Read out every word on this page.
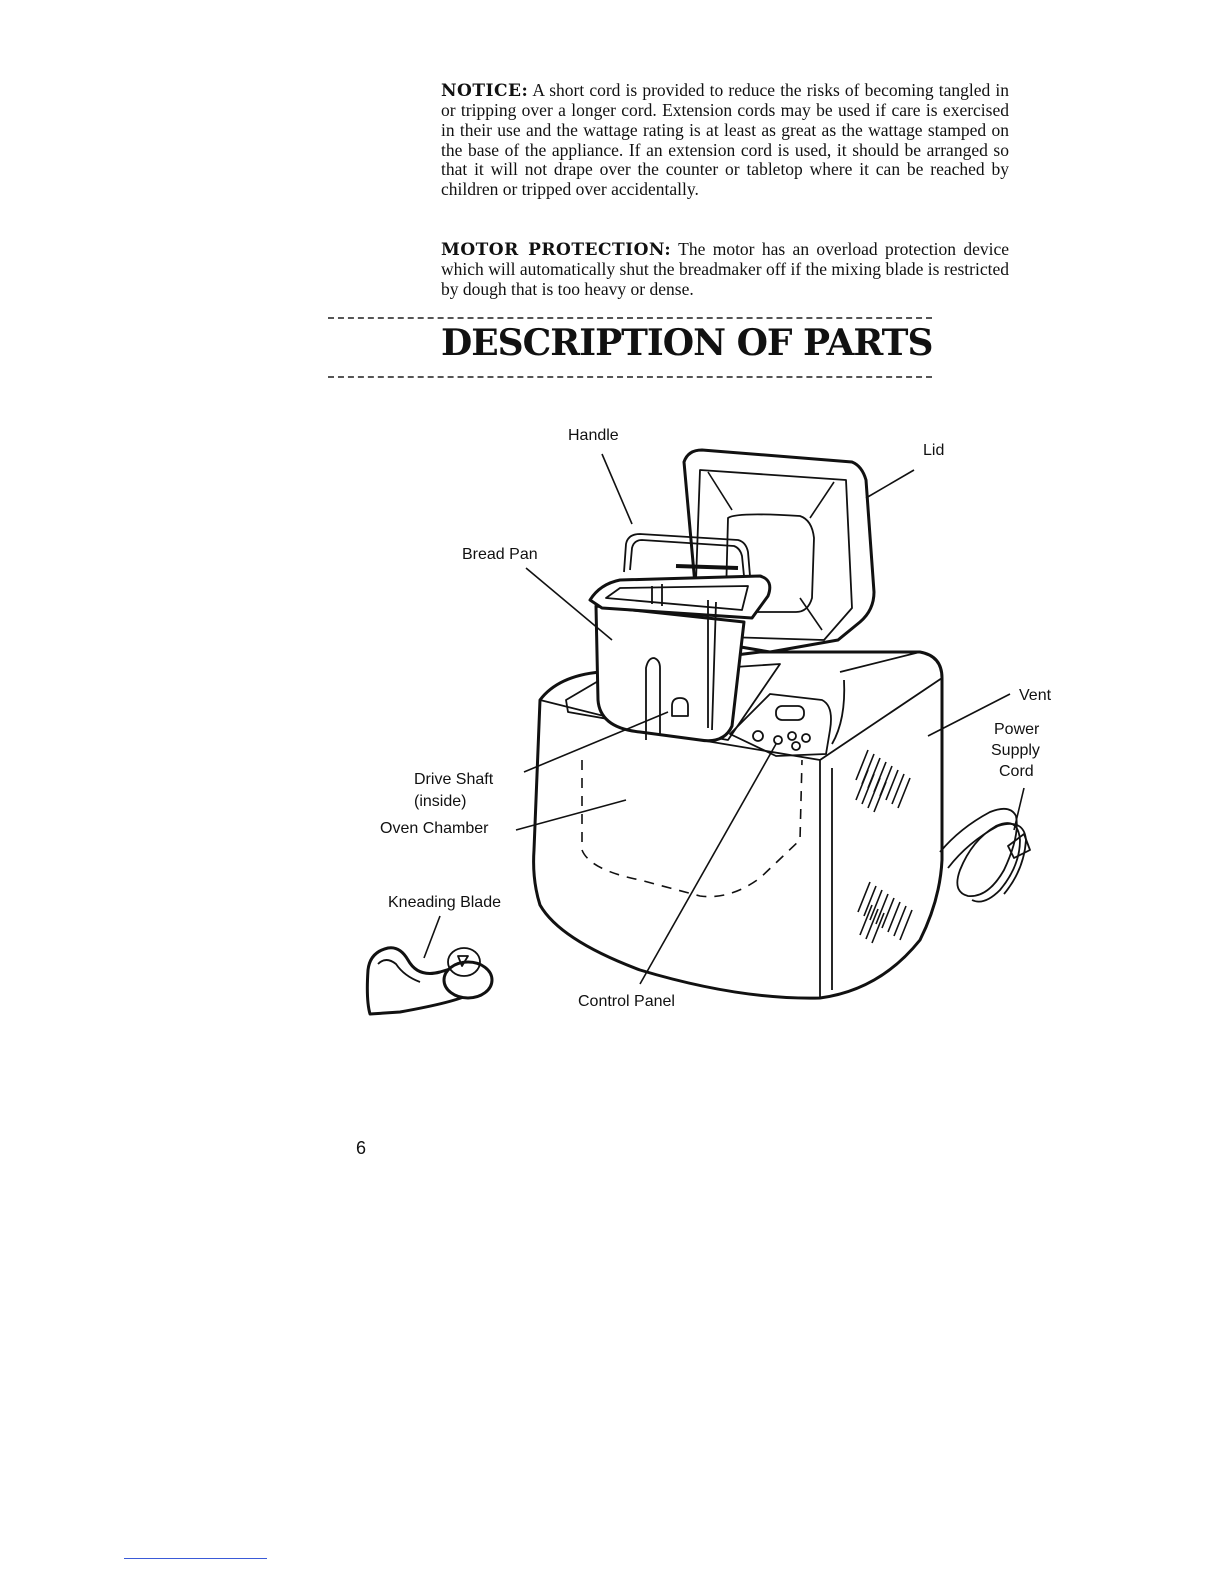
NOTICE: A short cord is provided to reduce the risks of becoming tangled in or tripping over a longer cord. Extension cords may be used if care is exercised in their use and the wattage rating is at least as great as the wattage stamped on the base of the appliance. If an extension cord is used, it should be arranged so that it will not drape over the counter or tabletop where it can be reached by children or tripped over accidentally.

MOTOR PROTECTION: The motor has an overload protection device which will automatically shut the breadmaker off if the mixing blade is restricted by dough that is too heavy or dense.

DESCRIPTION OF PARTS
Handle
Lid
Bread Pan
Vent
Power
Supply
Cord
Drive Shaft
(inside)
Oven Chamber
Kneading Blade
Control Panel
6
